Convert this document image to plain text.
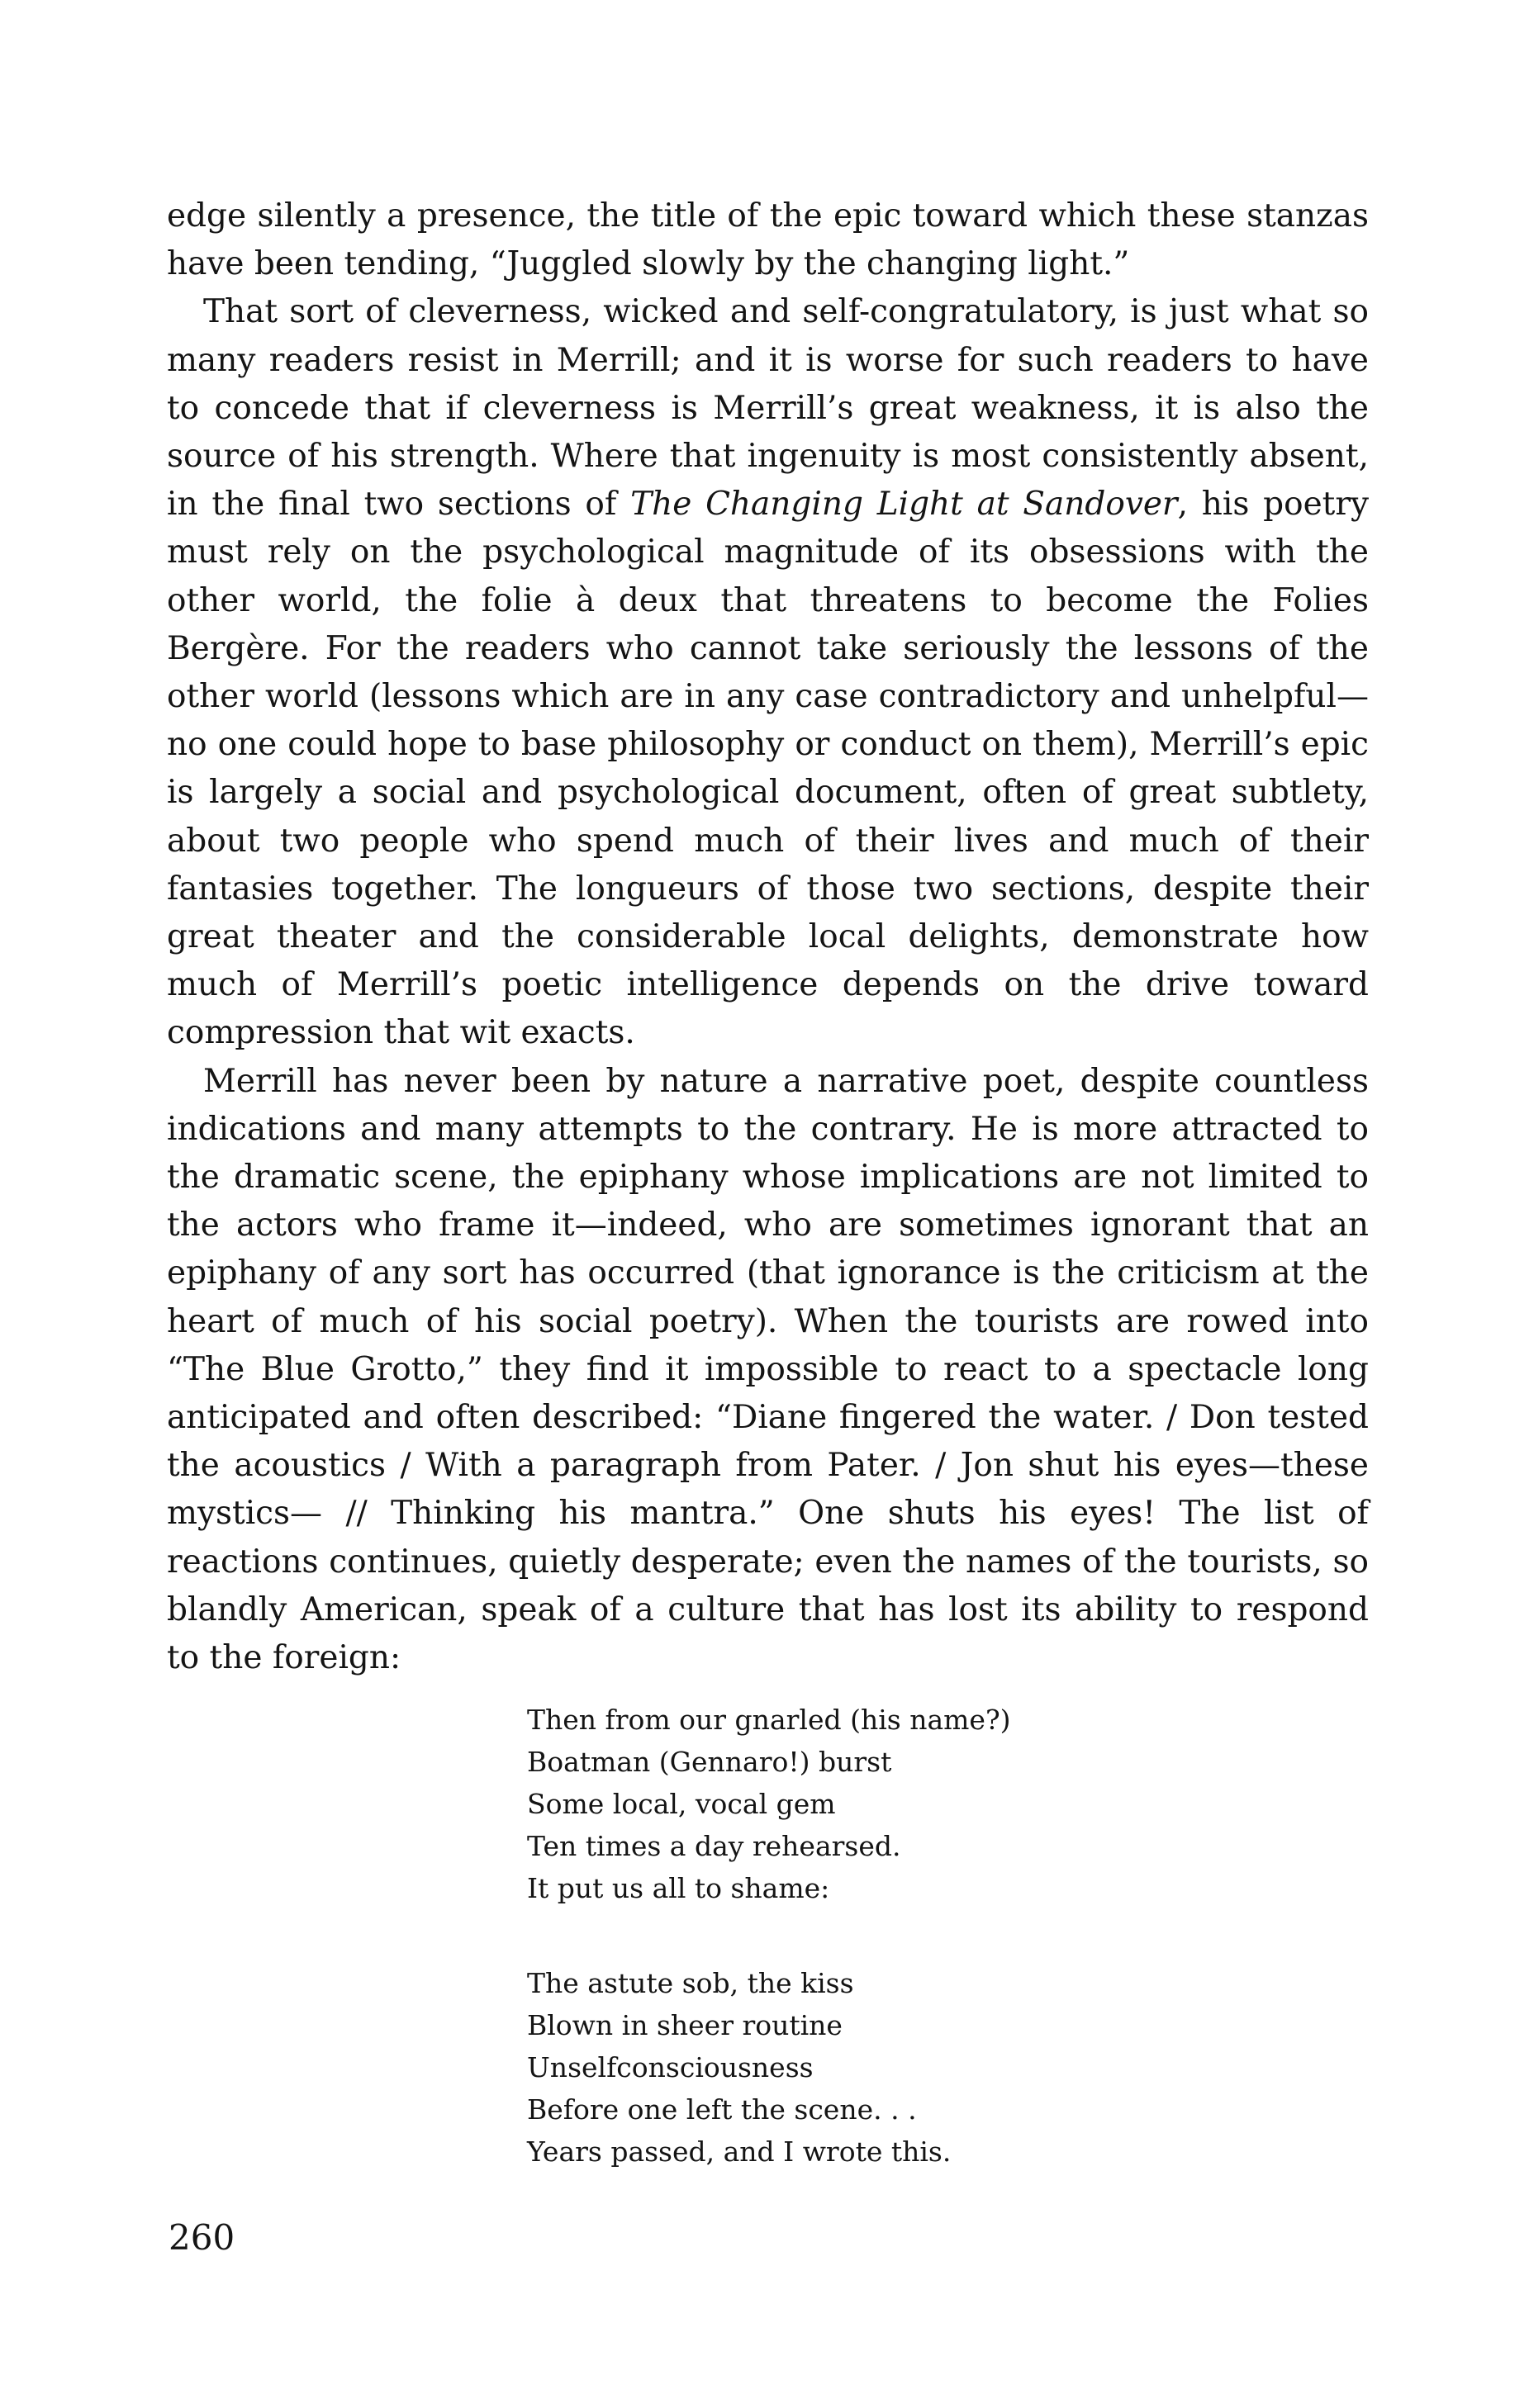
edge silently a presence, the title of the epic toward which these stanzas have been tending, “Juggled slowly by the changing light.”

That sort of cleverness, wicked and self-congratulatory, is just what so many readers resist in Merrill; and it is worse for such readers to have to concede that if cleverness is Merrill’s great weakness, it is also the source of his strength. Where that ingenuity is most consistently absent, in the final two sections of The Changing Light at Sandover, his poetry must rely on the psychological magnitude of its obsessions with the other world, the folie à deux that threatens to become the Folies Bergère. For the readers who cannot take seriously the lessons of the other world (lessons which are in any case contradictory and unhelpful—no one could hope to base philosophy or conduct on them), Merrill’s epic is largely a social and psychological document, often of great subtlety, about two people who spend much of their lives and much of their fantasies together. The longueurs of those two sections, despite their great theater and the considerable local delights, demonstrate how much of Merrill’s poetic intelligence depends on the drive toward compression that wit exacts.

Merrill has never been by nature a narrative poet, despite countless indications and many attempts to the contrary. He is more attracted to the dramatic scene, the epiphany whose implications are not limited to the actors who frame it—indeed, who are sometimes ignorant that an epiphany of any sort has occurred (that ignorance is the criticism at the heart of much of his social poetry). When the tourists are rowed into “The Blue Grotto,” they find it impossible to react to a spectacle long anticipated and often described: “Diane fingered the water. / Don tested the acoustics / With a paragraph from Pater. / Jon shut his eyes—these mystics— // Thinking his mantra.” One shuts his eyes! The list of reactions continues, quietly desperate; even the names of the tourists, so blandly American, speak of a culture that has lost its ability to respond to the foreign:

Then from our gnarled (his name?)
Boatman (Gennaro!) burst
Some local, vocal gem
Ten times a day rehearsed.
It put us all to shame:
The astute sob, the kiss
Blown in sheer routine
Unselfconsciousness
Before one left the scene. . .
Years passed, and I wrote this.
260
